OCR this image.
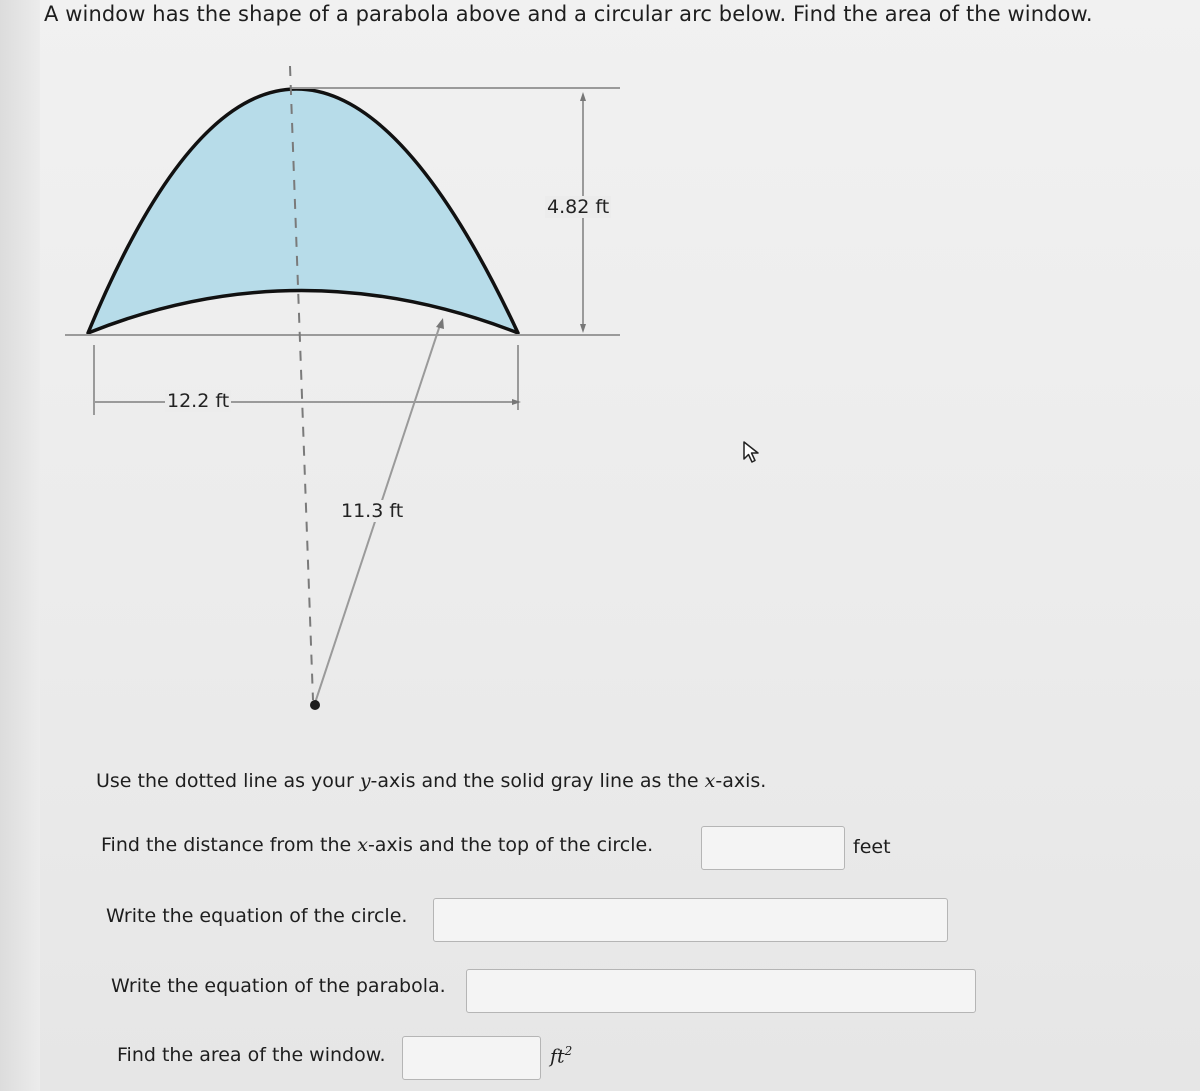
A window has the shape of a parabola above and a circular arc below. Find the area of the window.
4.82 ft
12.2 ft
11.3 ft
Use the dotted line as your y-axis and the solid gray line as the x-axis.
Find the distance from the x-axis and the top of the circle.	feet
Write the equation of the circle.
Write the equation of the parabola.
Find the area of the window.	$ft^2$
